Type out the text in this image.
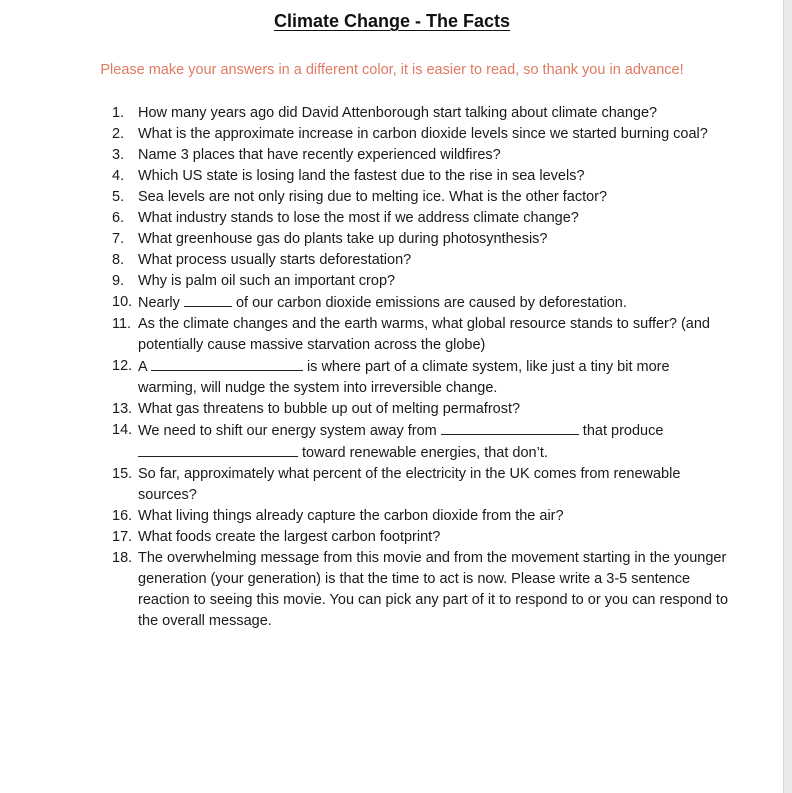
Climate Change - The Facts
Please make your answers in a different color, it is easier to read, so thank you in advance!
1. How many years ago did David Attenborough start talking about climate change?
2. What is the approximate increase in carbon dioxide levels since we started burning coal?
3. Name 3 places that have recently experienced wildfires?
4. Which US state is losing land the fastest due to the rise in sea levels?
5. Sea levels are not only rising due to melting ice. What is the other factor?
6. What industry stands to lose the most if we address climate change?
7. What greenhouse gas do plants take up during photosynthesis?
8. What process usually starts deforestation?
9. Why is palm oil such an important crop?
10. Nearly	of our carbon dioxide emissions are caused by deforestation.
11. As the climate changes and the earth warms, what global resource stands to suffer? (and potentially cause massive starvation across the globe)
12. A	is where part of a climate system, like just a tiny bit more warming, will nudge the system into irreversible change.
13. What gas threatens to bubble up out of melting permafrost?
14. We need to shift our energy system away from	that produce  toward renewable energies, that don’t.
15. So far, approximately what percent of the electricity in the UK comes from renewable sources?
16. What living things already capture the carbon dioxide from the air?
17. What foods create the largest carbon footprint?
18. The overwhelming message from this movie and from the movement starting in the younger generation (your generation) is that the time to act is now. Please write a 3-5 sentence reaction to seeing this movie. You can pick any part of it to respond to or you can respond to the overall message.
